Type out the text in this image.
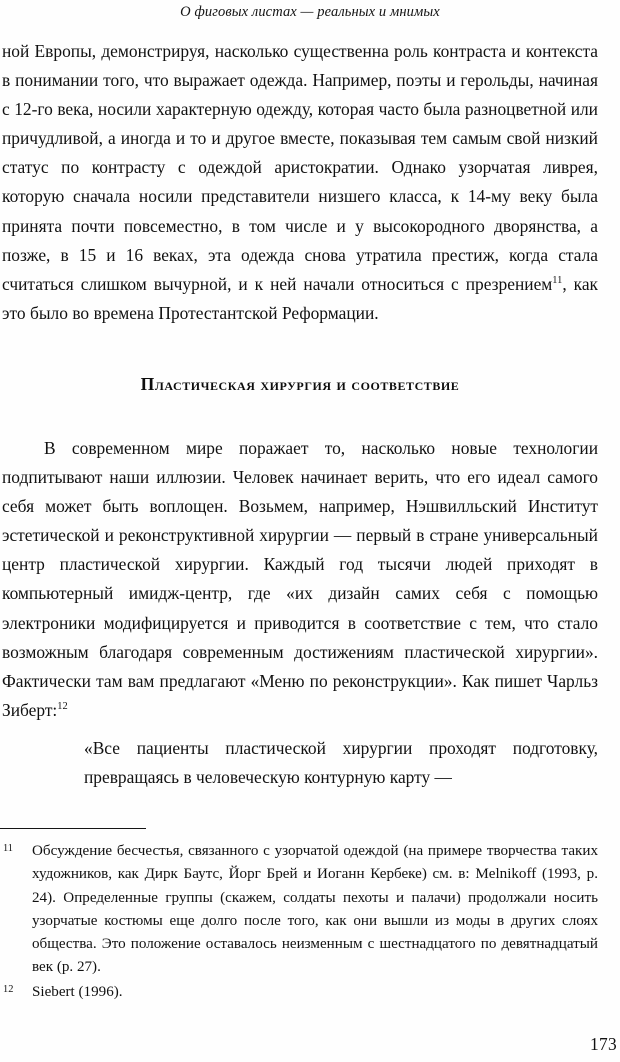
О фиговых листах — реальных и мнимых

ной Европы, демонстрируя, насколько существенна роль контраста и контекста в понимании того, что выражает одежда. Например, поэты и герольды, начиная с 12-го века, носили характерную одежду, которая часто была разноцветной или причудливой, а иногда и то и другое вместе, показывая тем самым свой низкий статус по контрасту с одеждой аристократии. Однако узорчатая ливрея, которую сначала носили представители низшего класса, к 14-му веку была принята почти повсеместно, в том числе и у высокородного дворянства, а позже, в 15 и 16 веках, эта одежда снова утратила престиж, когда стала считаться слишком вычурной, и к ней начали относиться с презрением$^{11}$, как это было во времена Протестантской Реформации.

Пластическая хирургия и соответствие

В современном мире поражает то, насколько новые технологии подпитывают наши иллюзии. Человек начинает верить, что его идеал самого себя может быть воплощен. Возьмем, например, Нэшвилльский Институт эстетической и реконструктивной хирургии — первый в стране универсальный центр пластической хирургии. Каждый год тысячи людей приходят в компьютерный имидж-центр, где «их дизайн самих себя с помощью электроники модифицируется и приводится в соответствие с тем, что стало возможным благодаря современным достижениям пластической хирургии». Фактически там вам предлагают «Меню по реконструкции». Как пишет Чарльз Зиберт:$^{12}$

«Все пациенты пластической хирургии проходят подготовку, превращаясь в человеческую контурную карту —

11 Обсуждение бесчестья, связанного с узорчатой одеждой (на примере творчества таких художников, как Дирк Баутс, Йорг Брей и Иоганн Кербеке) см. в: Melnikoff (1993, p. 24). Определенные группы (скажем, солдаты пехоты и палачи) продолжали носить узорчатые костюмы еще долго после того, как они вышли из моды в других слоях общества. Это положение оставалось неизменным с шестнадцатого по девятнадцатый век (p. 27).

12 Siebert (1996).

173
